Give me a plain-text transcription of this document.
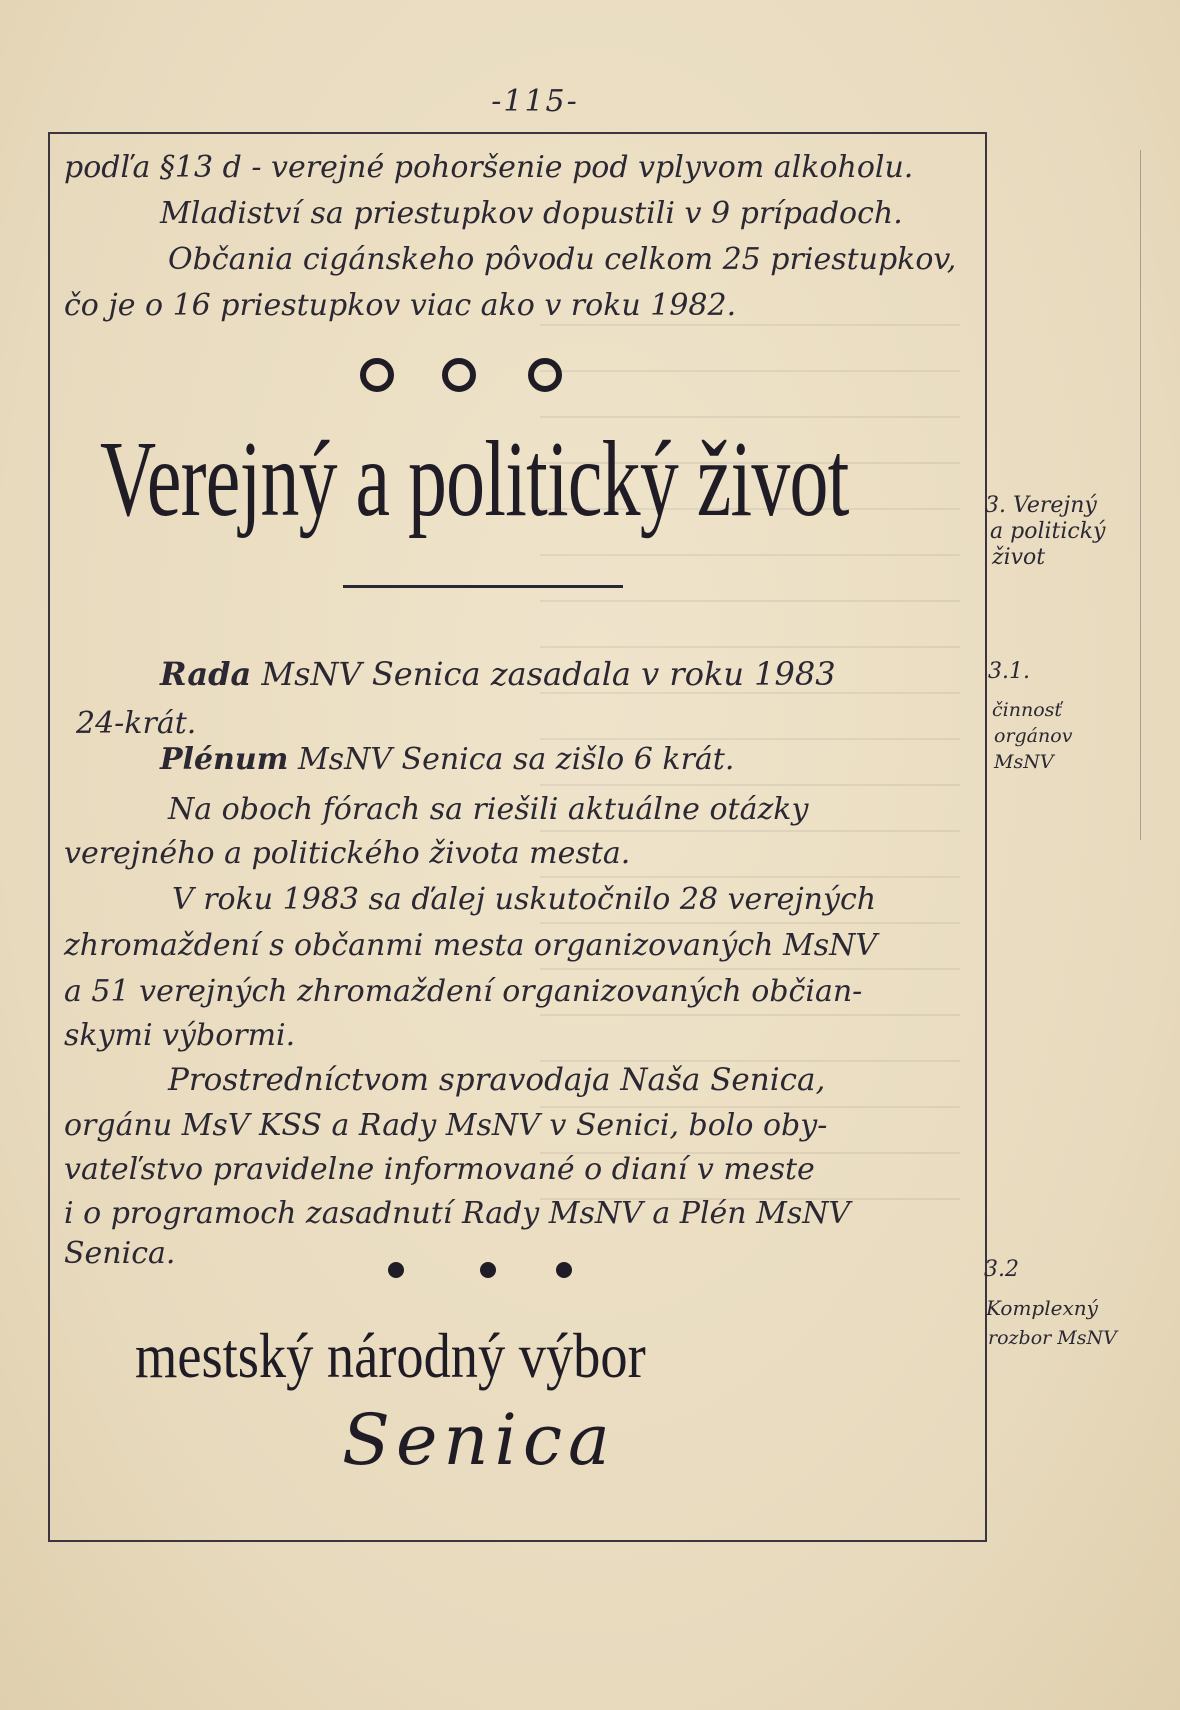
-115-
podľa §13 d - verejné pohoršenie pod vplyvom alkoholu.
Mladiství sa priestupkov dopustili v 9 prípadoch.
Občania cigánskeho pôvodu celkom 25 priestupkov,
čo je o 16 priestupkov viac ako v roku 1982.
Verejný a politický život
Rada MsNV Senica zasadala v roku 1983
24-krát.
Plénum MsNV Senica sa zišlo 6 krát.
Na oboch fórach sa riešili aktuálne otázky
verejného a politického života mesta.
V roku 1983 sa ďalej uskutočnilo 28 verejných
zhromaždení s občanmi mesta organizovaných MsNV
a 51 verejných zhromaždení organizovaných občian-
skymi výbormi.
Prostredníctvom spravodaja Naša Senica,
orgánu MsV KSS a Rady MsNV v Senici, bolo oby-
vateľstvo pravidelne informované o dianí v meste
i o programoch zasadnutí Rady MsNV a Plén MsNV
Senica.
mestský národný výbor
Senica
3. Verejný
a politický
život
3.1.
činnosť
orgánov
MsNV
3.2
Komplexný
rozbor MsNV
